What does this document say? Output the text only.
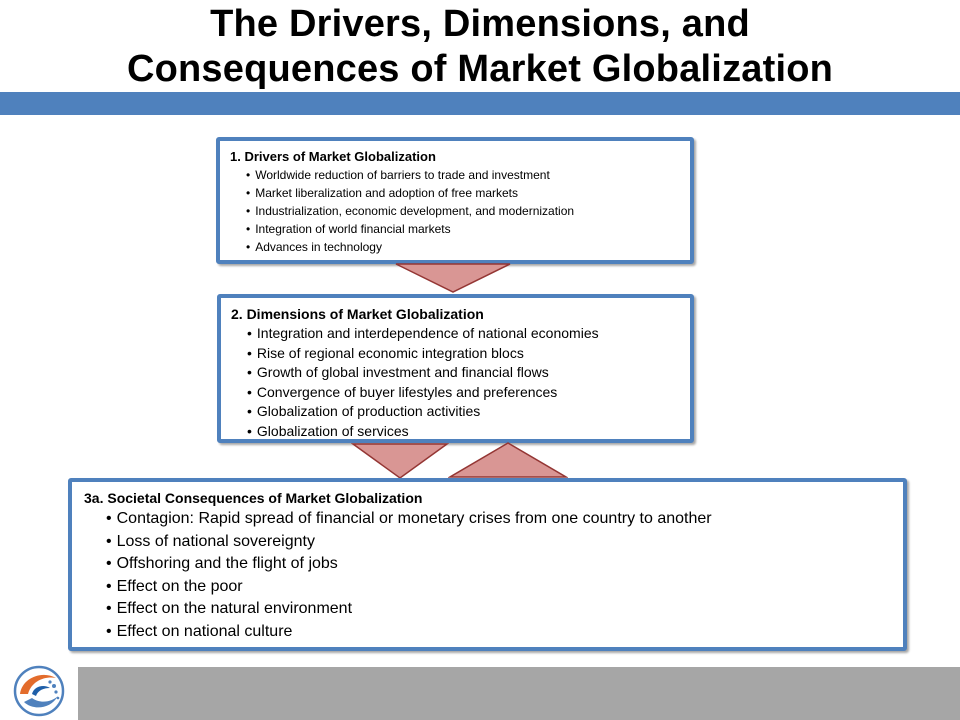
The Drivers, Dimensions, and
Consequences of Market Globalization
1. Drivers of Market Globalization
• Worldwide reduction of barriers to trade and investment
• Market liberalization and adoption of free markets
• Industrialization, economic development, and modernization
• Integration of world financial markets
• Advances in technology
2. Dimensions of Market Globalization
• Integration and interdependence of national economies
• Rise of regional economic integration blocs
• Growth of global investment and financial flows
• Convergence of buyer lifestyles and preferences
• Globalization of production activities
• Globalization of services
3a. Societal Consequences of Market Globalization
• Contagion: Rapid spread of financial or monetary crises from one country to another
• Loss of national sovereignty
• Offshoring and the flight of jobs
• Effect on the poor
• Effect on the natural environment
• Effect on national culture
